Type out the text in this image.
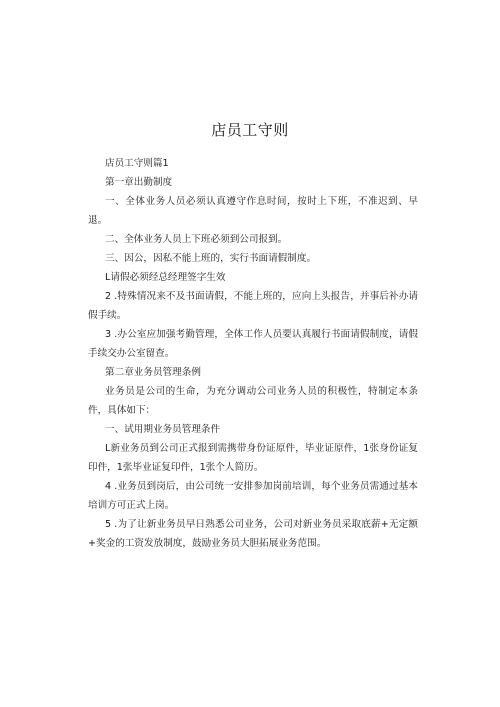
店员工守则

店员工守则篇1

第一章出勤制度

一、全体业务人员必须认真遵守作息时间，按时上下班，不准迟到、早退。

二、全体业务人员上下班必须到公司报到。

三、因公，因私不能上班的，实行书面请假制度。

L请假必须经总经理签字生效

2 .特殊情况来不及书面请假，不能上班的，应向上头报告，并事后补办请假手续。

3 .办公室应加强考勤管理，全体工作人员要认真履行书面请假制度，请假手续交办公室留查。

第二章业务员管理条例

业务员是公司的生命，为充分调动公司业务人员的积极性，特制定本条件，具体如下：

一、试用期业务员管理条件

L新业务员到公司正式报到需携带身份证原件，毕业证原件，1张身份证复印件，1张毕业证复印件，1张个人简历。

4 .业务员到岗后，由公司统一安排参加岗前培训，每个业务员需通过基本培训方可正式上岗。

5 .为了让新业务员早日熟悉公司业务，公司对新业务员采取底薪+无定额+奖金的工资发放制度，鼓励业务员大胆拓展业务范围。
